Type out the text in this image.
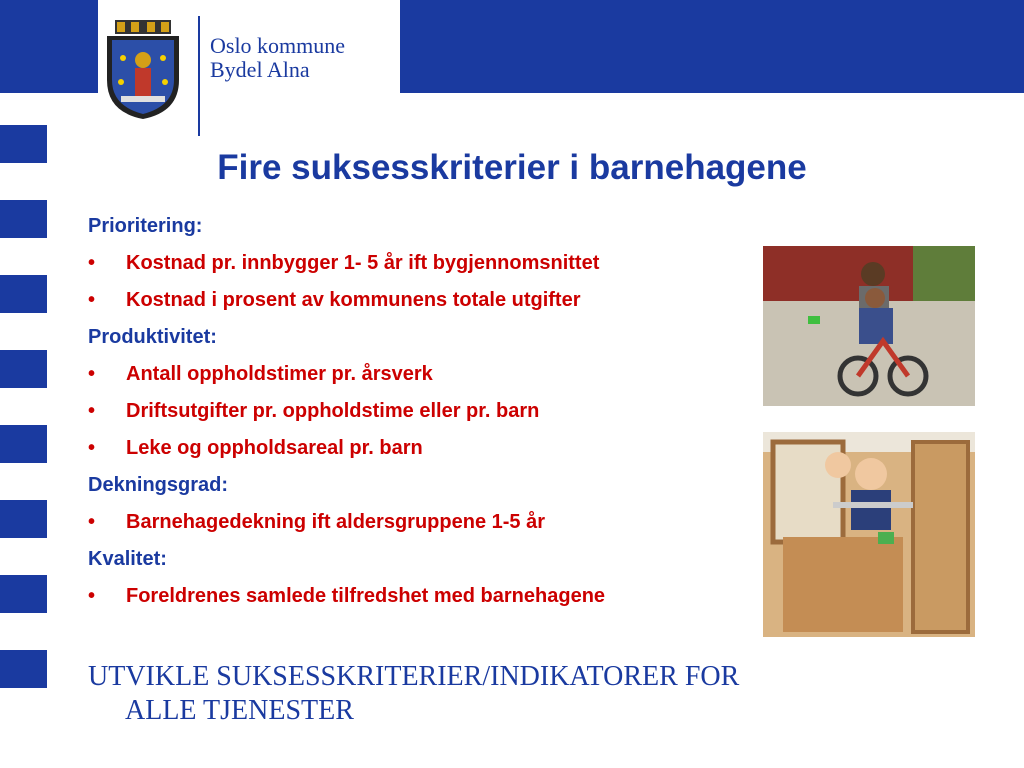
Oslo kommune
Bydel Alna
Fire suksesskriterier i barnehagene
Prioritering:
•	Kostnad pr. innbygger 1- 5 år ift bygjennomsnittet
•	Kostnad i prosent av kommunens totale utgifter
Produktivitet:
•	Antall oppholdstimer pr. årsverk
•	Driftsutgifter pr. oppholdstime eller pr. barn
•	Leke og oppholdsareal pr. barn
Dekningsgrad:
•	Barnehagedekning ift aldersgruppene 1-5 år
Kvalitet:
•	Foreldrenes samlede tilfredshet med barnehagene
UTVIKLE SUKSESSKRITERIER/INDIKATORER FOR
ALLE TJENESTER
